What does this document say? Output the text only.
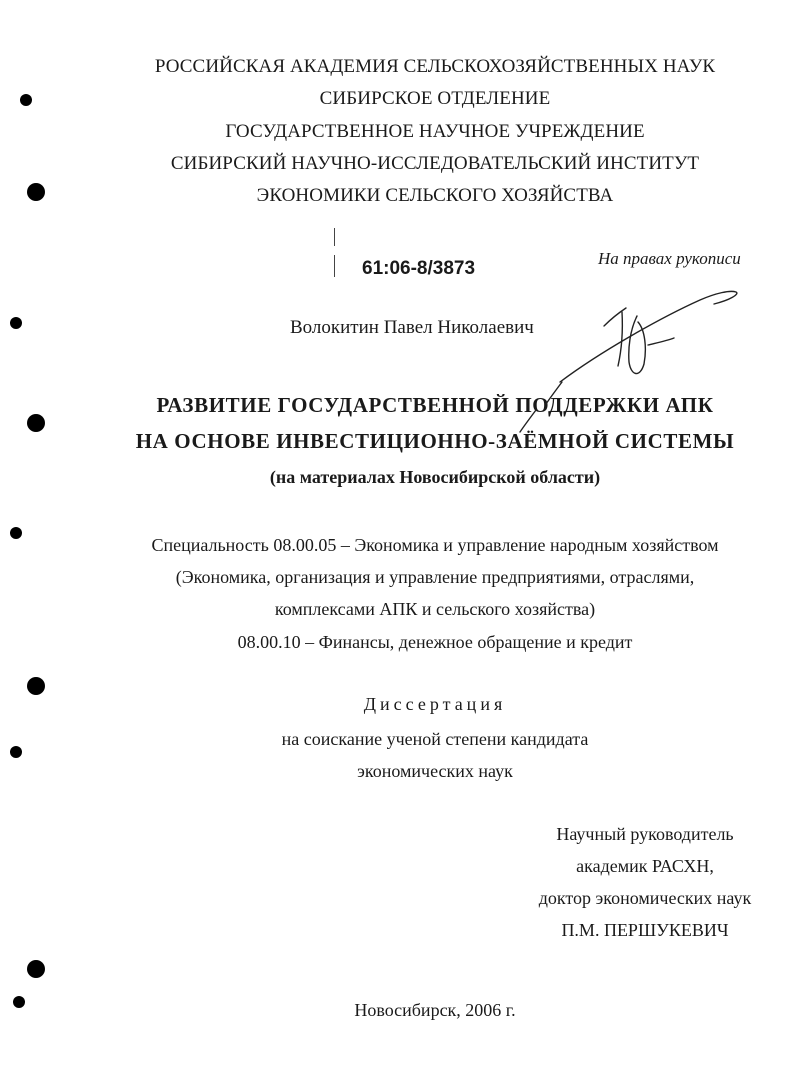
РОССИЙСКАЯ АКАДЕМИЯ СЕЛЬСКОХОЗЯЙСТВЕННЫХ НАУК
СИБИРСКОЕ ОТДЕЛЕНИЕ
ГОСУДАРСТВЕННОЕ НАУЧНОЕ УЧРЕЖДЕНИЕ
СИБИРСКИЙ НАУЧНО-ИССЛЕДОВАТЕЛЬСКИЙ ИНСТИТУТ
ЭКОНОМИКИ СЕЛЬСКОГО ХОЗЯЙСТВА
61:06-8/3873	На правах рукописи
Волокитин Павел Николаевич
РАЗВИТИЕ ГОСУДАРСТВЕННОЙ ПОДДЕРЖКИ АПК
НА ОСНОВЕ ИНВЕСТИЦИОННО-ЗАЁМНОЙ СИСТЕМЫ
(на материалах Новосибирской области)
Специальность 08.00.05 – Экономика и управление народным хозяйством
(Экономика, организация и управление предприятиями, отраслями,
комплексами АПК и сельского хозяйства)
08.00.10 – Финансы, денежное обращение и кредит
Диссертация
на соискание ученой степени кандидата
экономических наук
Научный руководитель
академик РАСХН,
доктор экономических наук
П.М. ПЕРШУКЕВИЧ
Новосибирск, 2006 г.
